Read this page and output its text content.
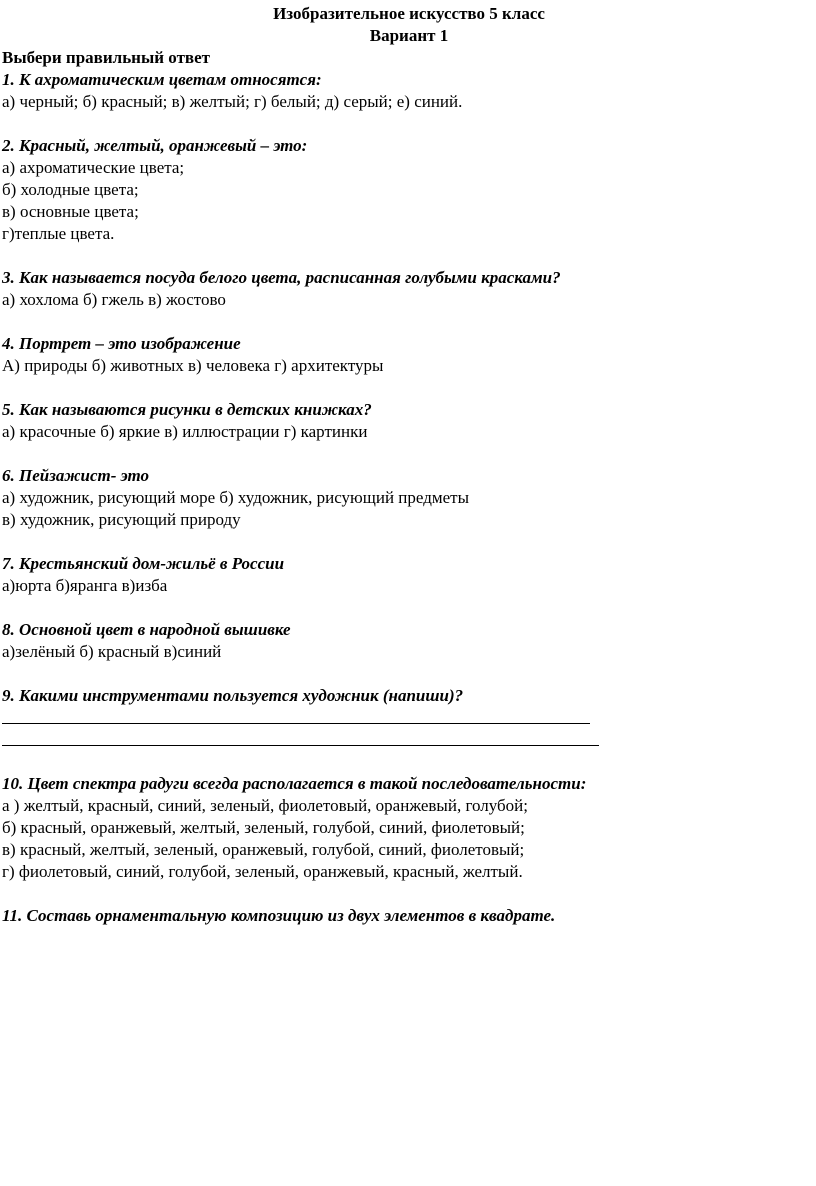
Изобразительное искусство 5 класс
Вариант 1
Выбери правильный ответ
1. К ахроматическим цветам относятся:
а) черный; б) красный; в) желтый; г) белый; д) серый; е) синий.
2. Красный, желтый, оранжевый – это:
а) ахроматические цвета;
б) холодные цвета;
в) основные цвета;
г)теплые цвета.
3. Как называется посуда белого цвета, расписанная голубыми красками?
а) хохлома б) гжель в) жостово
4. Портрет – это изображение
А) природы б) животных в) человека г) архитектуры
5. Как называются рисунки в детских книжках?
а) красочные б) яркие в) иллюстрации г) картинки
6. Пейзажист- это
а) художник, рисующий море б) художник, рисующий предметы
в) художник, рисующий природу
7. Крестьянский дом-жильё в России
а)юрта б)яранга в)изба
8. Основной цвет в народной вышивке
а)зелёный б) красный в)синий
9. Какими инструментами пользуется художник (напиши)?
10. Цвет спектра радуги всегда располагается в такой последовательности:
а ) желтый, красный, синий, зеленый, фиолетовый, оранжевый, голубой;
б) красный, оранжевый, желтый, зеленый, голубой, синий, фиолетовый;
в) красный, желтый, зеленый, оранжевый, голубой, синий, фиолетовый;
г) фиолетовый, синий, голубой, зеленый, оранжевый, красный, желтый.
11. Составь орнаментальную композицию из двух элементов в квадрате.
